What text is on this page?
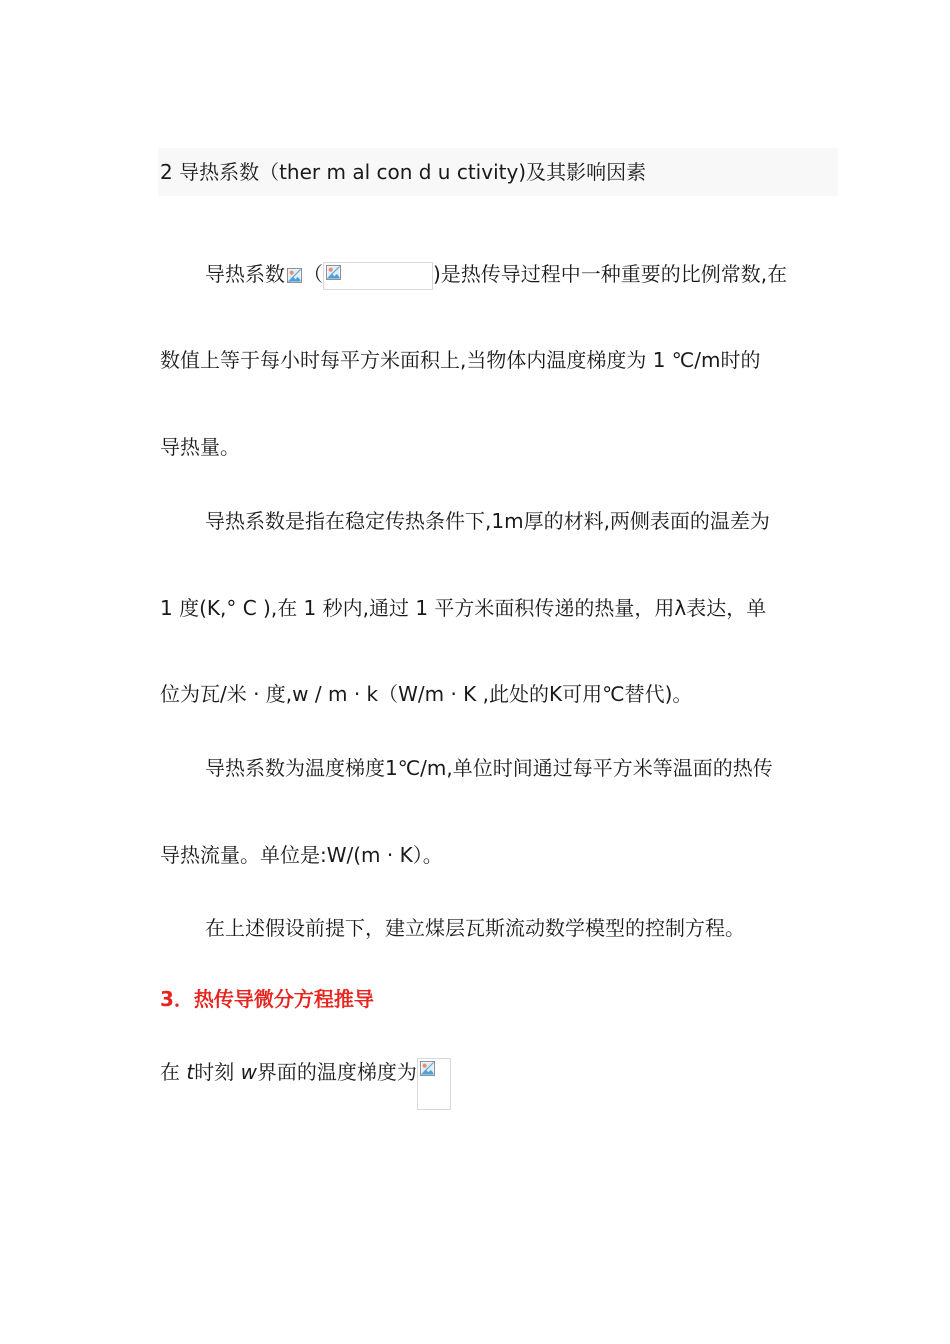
2 导热系数（ther m al con d u ctivity)及其影响因素
导热系数 （	)是热传导过程中一种重要的比例常数,在
数值上等于每小时每平方米面积上,当物体内温度梯度为 1 ℃/m时的
导热量。
导热系数是指在稳定传热条件下,1m厚的材料,两侧表面的温差为
1 度(K,° C ),在 1 秒内,通过 1 平方米面积传递的热量，用λ表达，单
位为瓦/米 · 度,w / m · k（W/m · K ,此处的K可用℃替代)。
导热系数为温度梯度1℃/m,单位时间通过每平方米等温面的热传
导热流量。单位是:W/(m · K）。
在上述假设前提下，建立煤层瓦斯流动数学模型的控制方程。
3．热传导微分方程推导
在 t时刻 w界面的温度梯度为
